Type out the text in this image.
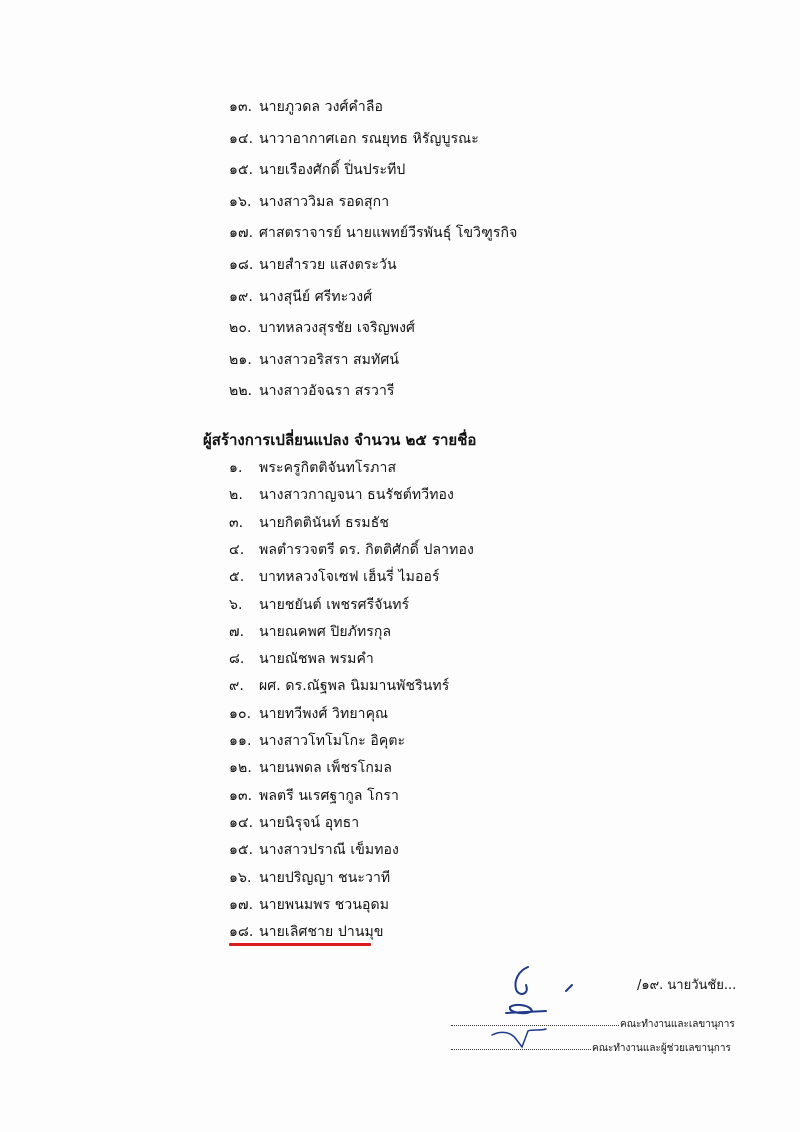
๑๓. นายภูวดล วงศ์คำลือ
๑๔. นาวาอากาศเอก รณยุทธ หิรัญบูรณะ
๑๕. นายเรืองศักดิ์ ปิ่นประทีป
๑๖. นางสาววิมล รอดสุกา
๑๗. ศาสตราจารย์ นายแพทย์วีรพันธุ์ โขวิฑูรกิจ
๑๘. นายสำรวย แสงตระวัน
๑๙. นางสุนีย์ ศรีทะวงศ์
๒๐. บาทหลวงสุรชัย เจริญพงศ์
๒๑. นางสาวอริสรา สมทัศน์
๒๒. นางสาวอัจฉรา สรวารี
ผู้สร้างการเปลี่ยนแปลง จำนวน ๒๕ รายชื่อ
๑. พระครูกิตติจันทโรภาส
๒. นางสาวกาญจนา ธนรัชต์ทวีทอง
๓. นายกิตตินันท์ ธรมธัช
๔. พลตำรวจตรี ดร. กิตติศักดิ์ ปลาทอง
๕. บาทหลวงโจเซฟ เฮ็นรี่ ไมออร์
๖. นายชยันต์ เพชรศรีจันทร์
๗. นายณคพศ ปิยภัทรกุล
๘. นายณัชพล พรมคำ
๙. ผศ. ดร.ณัฐพล นิมมานพัชรินทร์
๑๐. นายทวีพงศ์ วิทยาคุณ
๑๑. นางสาวโทโมโกะ อิคุตะ
๑๒. นายนพดล เพ็ชรโกมล
๑๓. พลตรี นเรศฐากูล โกรา
๑๔. นายนิรุจน์ อุทธา
๑๕. นางสาวปราณี เข็มทอง
๑๖. นายปริญญา ชนะวาที
๑๗. นายพนมพร ชวนอุดม
๑๘. นายเลิศชาย ปานมุข
/๑๙. นายวันชัย...
คณะทำงานและเลขานุการ
คณะทำงานและผู้ช่วยเลขานุการ
